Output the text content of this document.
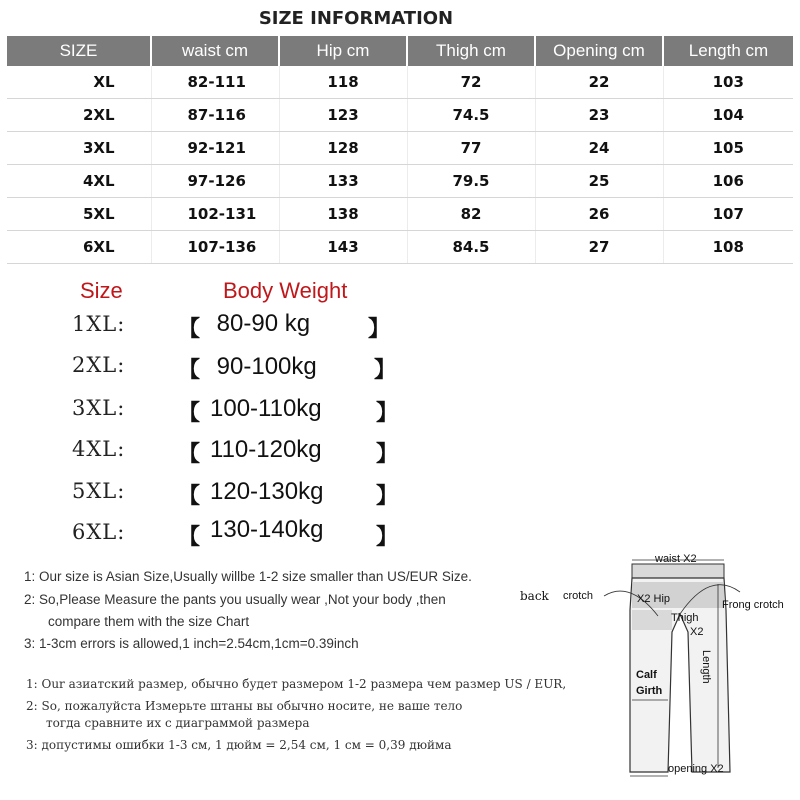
SIZE INFORMATION
SIZE	waist cm	Hip cm	Thigh cm	Opening cm	Length cm
XL	82-111	118	72	22	103
2XL	87-116	123	74.5	23	104
3XL	92-121	128	77	24	105
4XL	97-126	133	79.5	25	106
5XL	102-131	138	82	26	107
6XL	107-136	143	84.5	27	108
Size	Body Weight
1XL: 【 80-90 kg	】
2XL: 【 90-100kg	】
3XL: 【 100-110kg 】
4XL: 【 110-120kg 】
5XL: 【 120-130kg 】
6XL: 【 130-140kg 】
1: Our size is Asian Size,Usually willbe 1-2 size smaller than US/EUR Size.
2: So,Please Measure the pants you usually wear ,Not your body ,then
compare them with the size Chart
3: 1-3cm errors is allowed,1 inch=2.54cm,1cm=0.39inch
1: Our азиатский размер, обычно будет размером 1-2 размера чем размер US / EUR,
2: So, пожалуйста Измерьте штаны вы обычно носите, не ваше тело
тогда сравните их с диаграммой размера
3: допустимы ошибки 1-3 см, 1 дюйм = 2,54 см, 1 см = 0,39 дюйма
waist X2
back crotch	X2 Hip	Frong crotch
Thigh
X2
Length
Calf
Girth
opening X2
